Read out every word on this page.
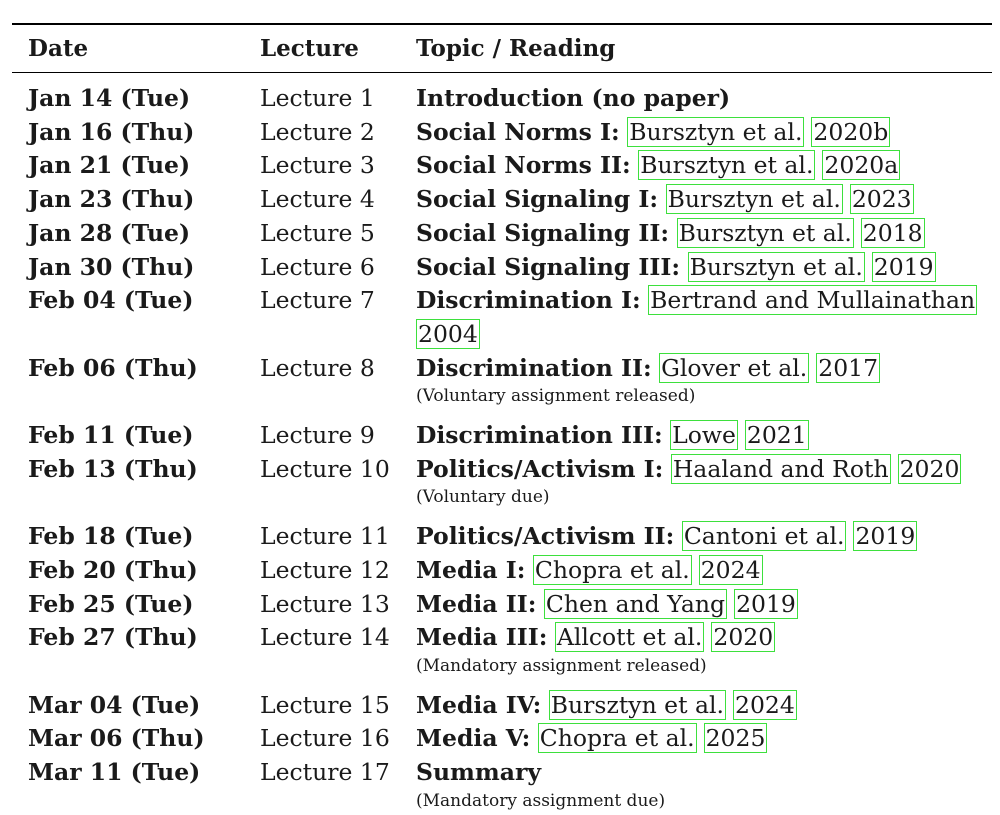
Date	Lecture Topic / Reading
Jan 14 (Tue)	Lecture 1 Introduction (no paper)
Jan 16 (Thu)	Lecture 2 Social Norms I: Bursztyn et al. 2020b
Jan 21 (Tue)	Lecture 3 Social Norms II: Bursztyn et al. 2020a
Jan 23 (Thu)	Lecture 4 Social Signaling I: Bursztyn et al. 2023
Jan 28 (Tue)	Lecture 5 Social Signaling II: Bursztyn et al. 2018
Jan 30 (Thu)	Lecture 6 Social Signaling III: Bursztyn et al. 2019
Feb 04 (Tue)	Lecture 7 Discrimination I: Bertrand and Mullainathan
2004
Feb 06 (Thu)	Lecture 8 Discrimination II: Glover et al. 2017
(Voluntary assignment released)
Feb 11 (Tue)	Lecture 9 Discrimination III: Lowe 2021
Feb 13 (Thu)	Lecture 10 Politics/Activism I: Haaland and Roth 2020
(Voluntary due)
Feb 18 (Tue)	Lecture 11 Politics/Activism II: Cantoni et al. 2019
Feb 20 (Thu)	Lecture 12 Media I: Chopra et al. 2024
Feb 25 (Tue)	Lecture 13 Media II: Chen and Yang 2019
Feb 27 (Thu)	Lecture 14 Media III: Allcott et al. 2020
(Mandatory assignment released)
Mar 04 (Tue)	Lecture 15 Media IV: Bursztyn et al. 2024
Mar 06 (Thu) Lecture 16 Media V: Chopra et al. 2025
Mar 11 (Tue)	Lecture 17 Summary
(Mandatory assignment due)
